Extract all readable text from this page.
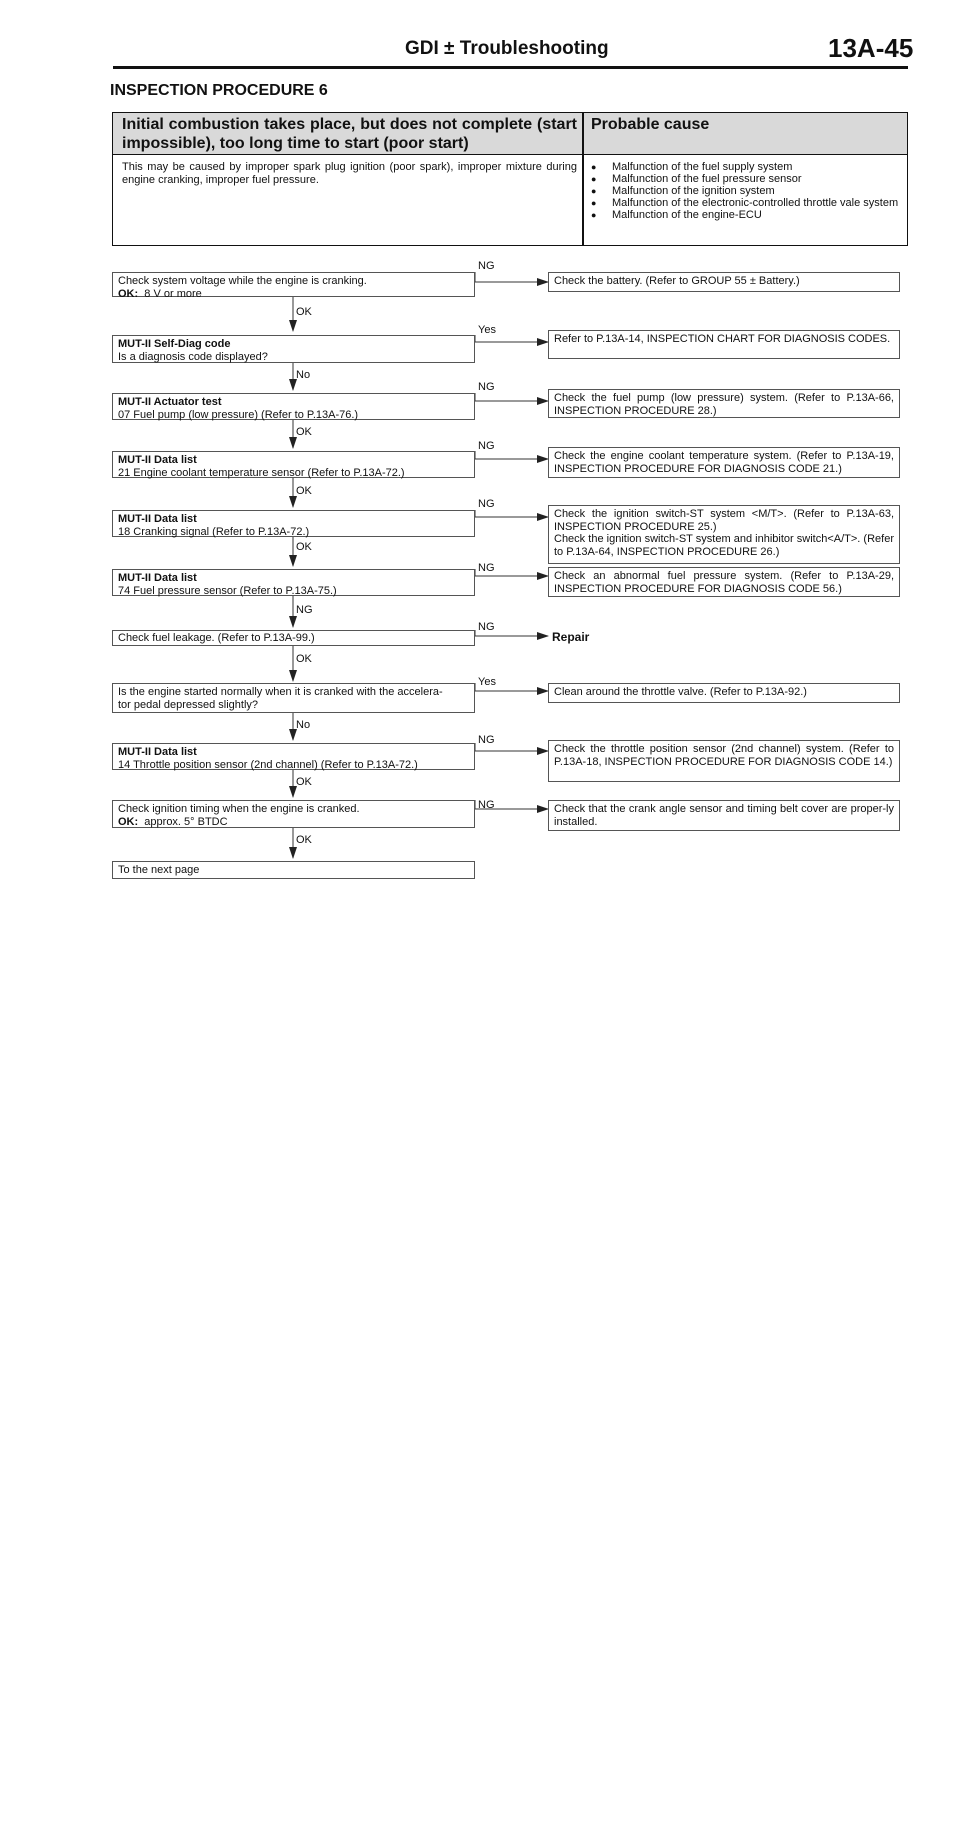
GDI ± Troubleshooting	13A-45
INSPECTION PROCEDURE 6
Initial combustion takes place, but does not complete (start impossible), too long time to start (poor start)
Probable cause
This may be caused by improper spark plug ignition (poor spark), improper mixture during engine cranking, improper fuel pressure.
● Malfunction of the fuel supply system
● Malfunction of the fuel pressure sensor
● Malfunction of the ignition system
● Malfunction of the electronic-controlled throttle vale system
● Malfunction of the engine-ECU
Check system voltage while the engine is cranking.
OK: 8 V or more
NG
Check the battery. (Refer to GROUP 55 ± Battery.)
OK
MUT-II Self-Diag code
Is a diagnosis code displayed?
Yes
Refer to P.13A-14, INSPECTION CHART FOR DIAGNOSIS CODES.
No
MUT-II Actuator test
07 Fuel pump (low pressure) (Refer to P.13A-76.)
NG
Check the fuel pump (low pressure) system. (Refer to P.13A-66, INSPECTION PROCEDURE 28.)
OK
MUT-II Data list
21 Engine coolant temperature sensor (Refer to P.13A-72.)
NG
Check the engine coolant temperature system. (Refer to P.13A-19, INSPECTION PROCEDURE FOR DIAGNOSIS CODE 21.)
OK
MUT-II Data list
18 Cranking signal (Refer to P.13A-72.)
NG
Check the ignition switch-ST system <M/T>. (Refer to P.13A-63, INSPECTION PROCEDURE 25.)
Check the ignition switch-ST system and inhibitor switch<A/T>. (Refer to P.13A-64, INSPECTION PROCEDURE 26.)
OK
MUT-II Data list
74 Fuel pressure sensor (Refer to P.13A-75.)
NG
Check an abnormal fuel pressure system. (Refer to P.13A-29, INSPECTION PROCEDURE FOR DIAGNOSIS CODE 56.)
NG
Check fuel leakage. (Refer to P.13A-99.)
NG
Repair
OK
Is the engine started normally when it is cranked with the accelera-
tor pedal depressed slightly?
Yes
Clean around the throttle valve. (Refer to P.13A-92.)
No
MUT-II Data list
14 Throttle position sensor (2nd channel) (Refer to P.13A-72.)
NG
Check the throttle position sensor (2nd channel) system. (Refer to P.13A-18, INSPECTION PROCEDURE FOR DIAGNOSIS CODE 14.)
OK
Check ignition timing when the engine is cranked.
OK: approx. 5° BTDC
NG	Check that the crank angle sensor and timing belt cover are proper-ly installed.
OK
To the next page
